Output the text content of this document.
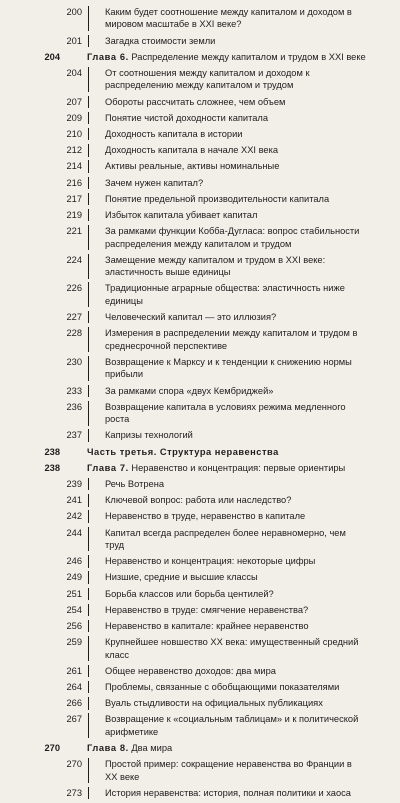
200	Каким будет соотношение между капиталом и доходом в мировом масштабе в XXI веке?
201	Загадка стоимости земли
204	Глава 6. Распределение между капиталом и трудом в XXI веке
204	От соотношения между капиталом и доходом к распределению между капиталом и трудом
207	Обороты рассчитать сложнее, чем объем
209	Понятие чистой доходности капитала
210	Доходность капитала в истории
212	Доходность капитала в начале XXI века
214	Активы реальные, активы номинальные
216	Зачем нужен капитал?
217	Понятие предельной производительности капитала
219	Избыток капитала убивает капитал
221	За рамками функции Кобба-Дугласа: вопрос стабильности распределения между капиталом и трудом
224	Замещение между капиталом и трудом в XXI веке: эластичность выше единицы
226	Традиционные аграрные общества: эластичность ниже единицы
227	Человеческий капитал — это иллюзия?
228	Измерения в распределении между капиталом и трудом в среднесрочной перспективе
230	Возвращение к Марксу и к тенденции к снижению нормы прибыли
233	За рамками спора «двух Кембриджей»
236	Возвращение капитала в условиях режима медленного роста
237	Капризы технологий
238	Часть третья. Структура неравенства
238	Глава 7. Неравенство и концентрация: первые ориентиры
239	Речь Вотрена
241	Ключевой вопрос: работа или наследство?
242	Неравенство в труде, неравенство в капитале
244	Капитал всегда распределен более неравномерно, чем труд
246	Неравенство и концентрация: некоторые цифры
249	Низшие, средние и высшие классы
251	Борьба классов или борьба центилей?
254	Неравенство в труде: смягчение неравенства?
256	Неравенство в капитале: крайнее неравенство
259	Крупнейшее новшество XX века: имущественный средний класс
261	Общее неравенство доходов: два мира
264	Проблемы, связанные с обобщающими показателями
266	Вуаль стыдливости на официальных публикациях
267	Возвращение к «социальным таблицам» и к политической арифметике
270	Глава 8. Два мира
270	Простой пример: сокращение неравенства во Франции в XX веке
273	История неравенства: история, полная политики и хаоса
